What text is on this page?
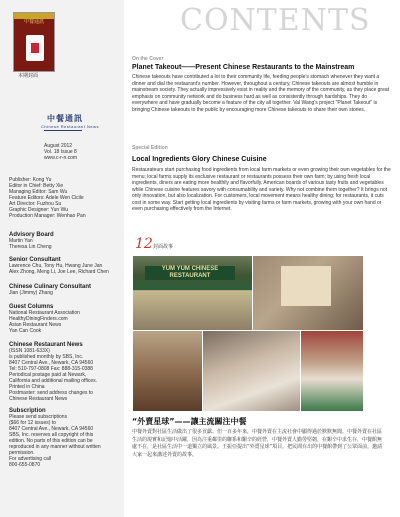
中餐通訊
本期封面
中餐通訊
Chinese Restaurant News
August 2012
Vol. 18 Issue 8
www.c-r-n.com
Publisher: Kong Yu
Editor in Chief: Betty Xie
Managing Editor: Sam Wu
Feature Editors: Adele Wen Cicile
Art Director: Fuzhou Su
Graphic Designer: Yun Wu
Production Manager: Wenhao Pan
Advisory Board
Martin Yan
Theresa Lin Cheng
Senior Consultant
Lawrence Chu, Tony Hu, Hwang June Jan
Alex Zhong, Meng Li, Joe Lee, Richard Chen
Chinese Culinary Consultant
Jian (Jimmy) Zhang
Guest Columns
National Restaurant Association
HealthyDiningFinders.com
Asian Restaurant News
Yan Can Cook
Chinese Restaurant News
(ISSN 1081-633X)
is published monthly by SBS, Inc.
8407 Central Ave., Newark, CA 94560
Tel: 510-797-0808 Fax: 888-315-0388
Periodical postage paid at Newark,
California and additional mailing offices.
Printed in China
Postmaster: send address changes to
Chinese Restaurant News
Subscription
Please send subscriptions
($66 for 12 issues) to
8407 Central Ave., Newark, CA 94560
SBS, Inc. reserves all copyright of this
edition. No parts of this edition can be
reproduced in any manner without written
permission.
For advertising call
800-655-0870
CONTENTS
On the Cover
Planet Takeout——Present Chinese Restaurants to the Mainstream

Chinese takeouts have contributed a lot to their community life, feeding people's stomach whenever they want a dinner and dial the restaurant's number. However, throughout a century, Chinese takeouts are almost humble in mainstream society. They actually impressively exist in reality and the memory of the community, as they place great emphasis on community network and do business hard as well as consistently through hardships. They do everywhere and have gradually become a feature of the city all together. Val Wang's project "Planet Takeout" is bringing Chinese takeouts to the public by encouraging more Chinese takeouts to share their own stories.

Special Edition
Local Ingredients Glory Chinese Cuisine

Restaurateurs start purchasing food ingredients from local farm markets or even growing their own vegetables for the menu; local farms supply its exclusive restaurant or restaurants possess their own farm; by using fresh local ingredients, diners are eating more healthily and flavorfully. American boards of various tasty fruits and vegetables while Chinese cuisine features savory with consumability and variety. Why not combine them together? It brings not only innovation, but also localization. For customers, local movement means healthy dining; for restaurants, it cuts cost in some way. Start getting local ingredients by visiting farms or farm markets, growing with your own hand or even purchasing effectively from the Internet.

12 封面故事
YUM YUM CHINESE RESTAURANT
“外賣星球”——讓主流關注中餐

中餐外賣對社區生活做出了很多貢獻。但一百多年來，中餐外賣在主流社會中顯得過於默默無聞。中餐外賣在社區生活的現實和記憶中活躍，因為注重鄰里的聯系和艱辛的經營，中餐外賣人勤勞堅韌，在艱辛中求生存，中餐館無處不在，是社區生活中一道獨立的風景。王振亞提出“外賣星球”項目，把民間有出的中餐館帶到了公眾面前，邀請大家一起來講述外賣的故事。
